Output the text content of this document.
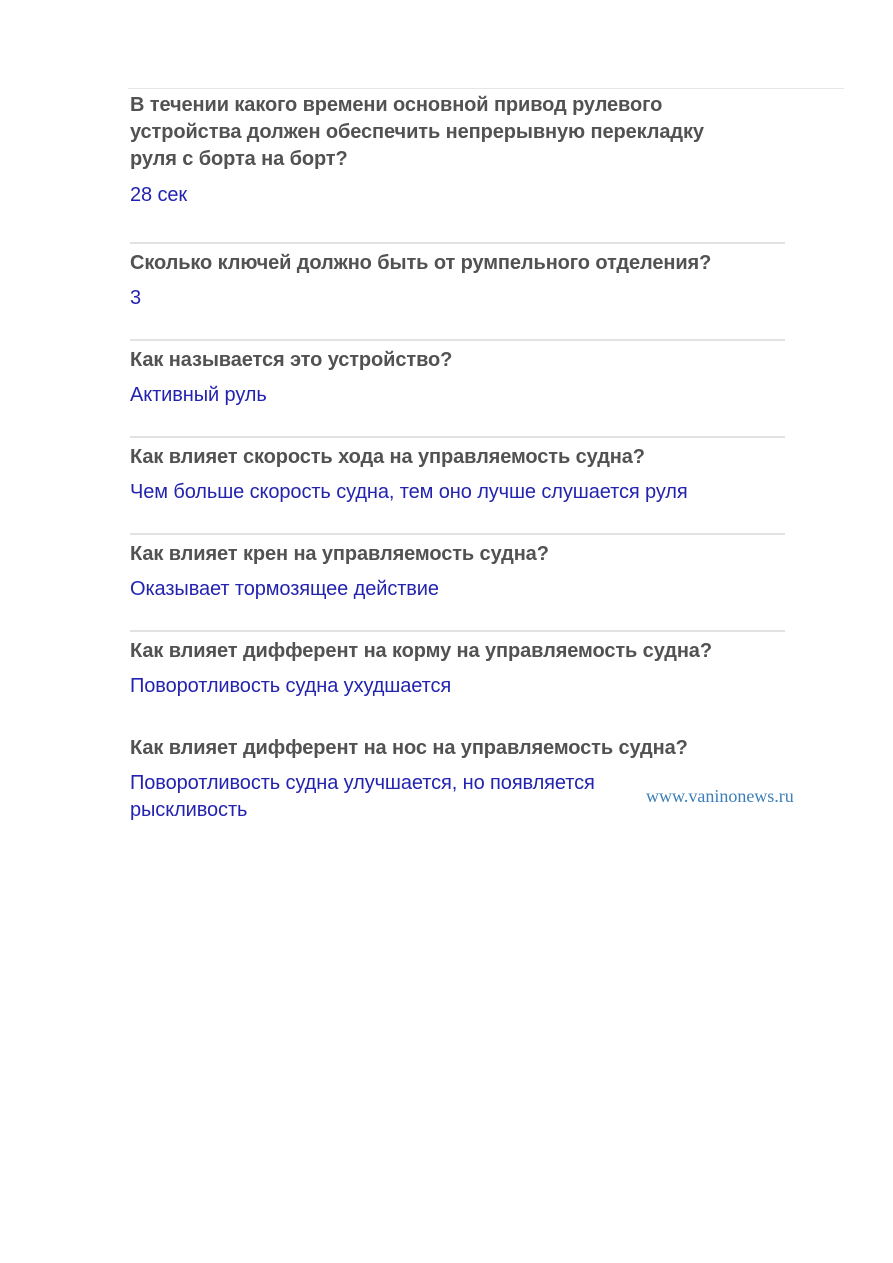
В течении какого времени основной привод рулевого
устройства должен обеспечить непрерывную перекладку
руля с борта на борт?
28 сек
Сколько ключей должно быть от румпельного отделения?
3
Как называется это устройство?
Активный руль
Как влияет скорость хода на управляемость судна?
Чем больше скорость судна, тем оно лучше слушается руля
Как влияет крен на управляемость судна?
Оказывает тормозящее действие
Как влияет дифферент на корму на управляемость судна?
Поворотливость судна ухудшается
Как влияет дифферент на нос на управляемость судна?
Поворотливость судна улучшается, но появляется
рыскливость
www.vaninonews.ru
